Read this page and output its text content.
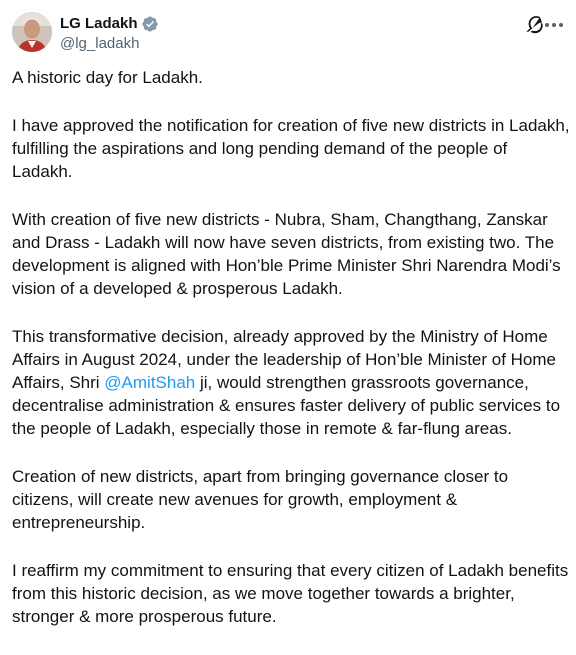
LG Ladakh
@lg_ladakh

A historic day for Ladakh.

I have approved the notification for creation of five new districts in Ladakh, fulfilling the aspirations and long pending demand of the people of Ladakh.

With creation of five new districts - Nubra, Sham, Changthang, Zanskar and Drass - Ladakh will now have seven districts, from existing two. The development is aligned with Hon’ble Prime Minister Shri Narendra Modi’s vision of a developed & prosperous Ladakh.

This transformative decision, already approved by the Ministry of Home Affairs in August 2024, under the leadership of Hon’ble Minister of Home Affairs, Shri @AmitShah ji, would strengthen grassroots governance, decentralise administration & ensures faster delivery of public services to the people of Ladakh, especially those in remote & far-flung areas.

Creation of new districts, apart from bringing governance closer to citizens, will create new avenues for growth, employment & entrepreneurship.

I reaffirm my commitment to ensuring that every citizen of Ladakh benefits from this historic decision, as we move together towards a brighter, stronger & more prosperous future.
